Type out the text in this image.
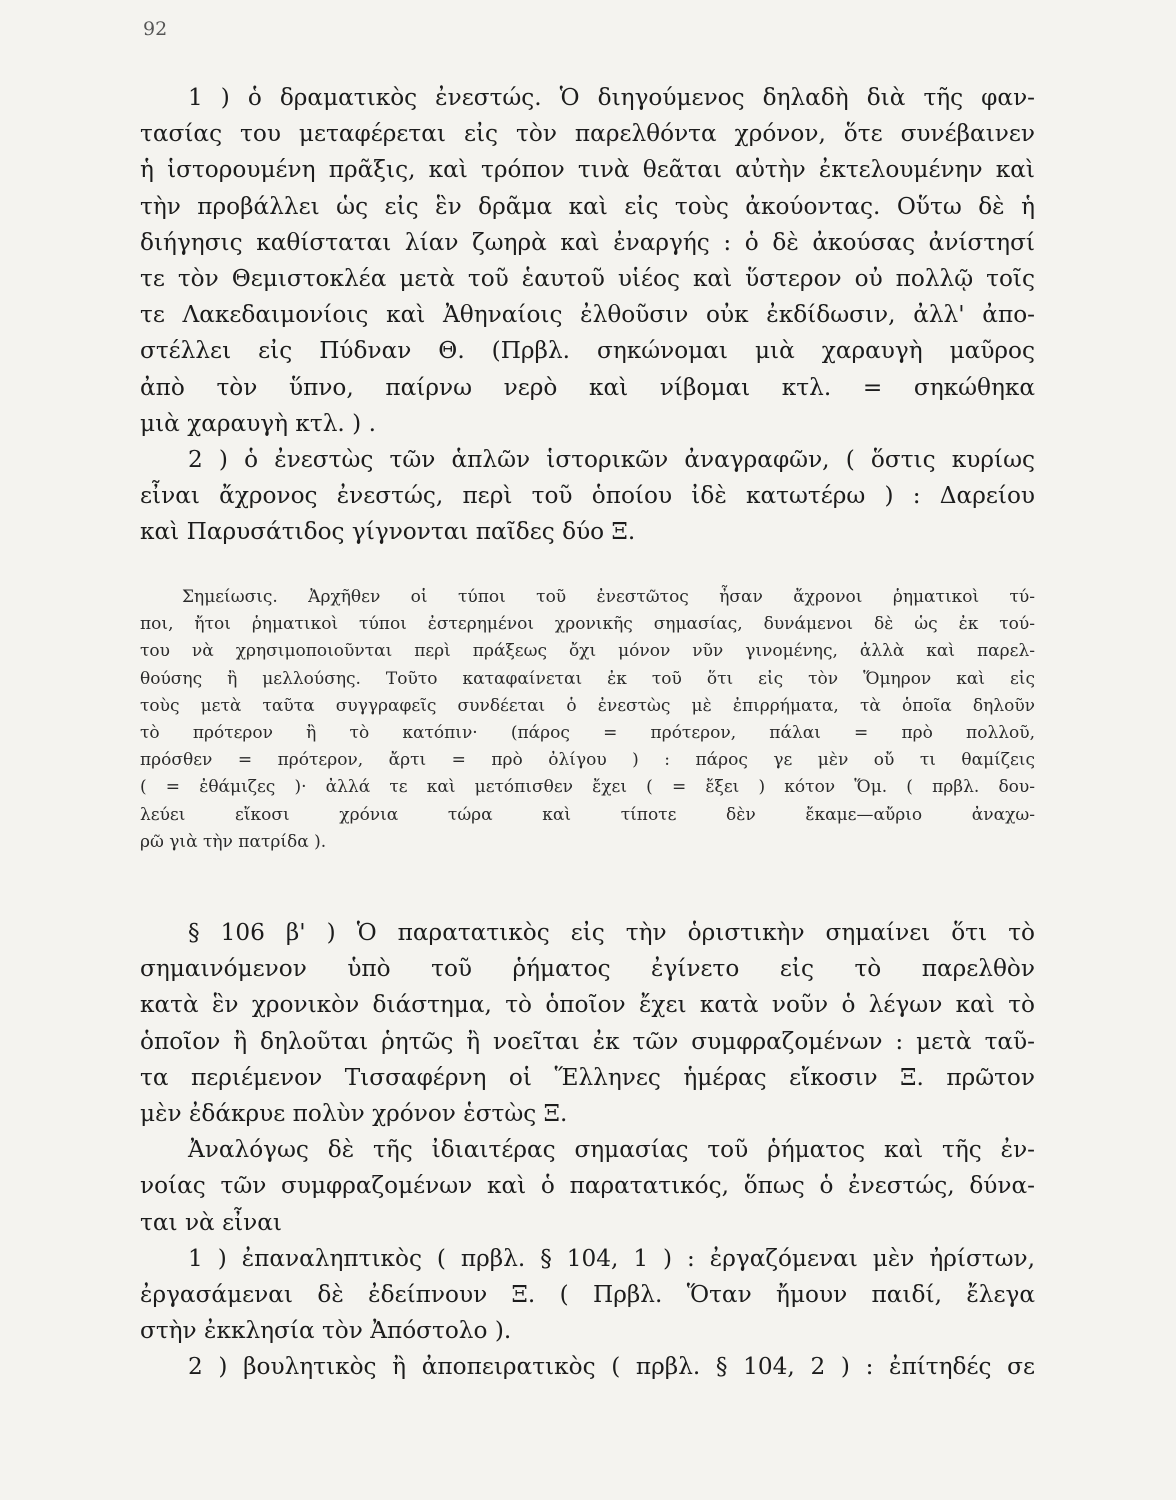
92
1 ) ὁ δραματικὸς ἐνεστώς. Ὁ διηγούμενος δηλαδὴ διὰ τῆς φαν-
τασίας του μεταφέρεται εἰς τὸν παρελθόντα χρόνον, ὅτε συνέβαινεν
ἡ ἱστορουμένη πρᾶξις, καὶ τρόπον τινὰ θεᾶται αὐτὴν ἐκτελουμένην καὶ
τὴν προβάλλει ὡς εἰς ἓν δρᾶμα καὶ εἰς τοὺς ἀκούοντας. Οὕτω δὲ ἡ
διήγησις καθίσταται λίαν ζωηρὰ καὶ ἐναργής : ὁ δὲ ἀκούσας ἀνίστησί
τε τὸν Θεμιστοκλέα μετὰ τοῦ ἑαυτοῦ υἱέος καὶ ὕστερον οὐ πολλῷ τοῖς
τε Λακεδαιμονίοις καὶ Ἀθηναίοις ἐλθοῦσιν οὐκ ἐκδίδωσιν, ἀλλ' ἀπο-
στέλλει εἰς Πύδναν Θ. (Πρβλ. σηκώνομαι μιὰ χαραυγὴ μαῦρος
ἀπὸ τὸν ὕπνο, παίρνω νερὸ καὶ νίβομαι κτλ. = σηκώθηκα
μιὰ χαραυγὴ κτλ. ) .
2 ) ὁ ἐνεστὼς τῶν ἁπλῶν ἱστορικῶν ἀναγραφῶν, ( ὅστις κυρίως
εἶναι ἄχρονος ἐνεστώς, περὶ τοῦ ὁποίου ἰδὲ κατωτέρω ) : Δαρείου
καὶ Παρυσάτιδος γίγνονται παῖδες δύο Ξ.
Σημείωσις. Ἀρχῆθεν οἱ τύποι τοῦ ἐνεστῶτος ἦσαν ἄχρονοι ῥηματικοὶ τύ-
ποι, ἤτοι ῥηματικοὶ τύποι ἐστερημένοι χρονικῆς σημασίας, δυνάμενοι δὲ ὡς ἐκ τού-
του νὰ χρησιμοποιοῦνται περὶ πράξεως ὄχι μόνον νῦν γινομένης, ἀλλὰ καὶ παρελ-
θούσης ἢ μελλούσης. Τοῦτο καταφαίνεται ἐκ τοῦ ὅτι εἰς τὸν Ὅμηρον καὶ εἰς
τοὺς μετὰ ταῦτα συγγραφεῖς συνδέεται ὁ ἐνεστὼς μὲ ἐπιρρήματα, τὰ ὁποῖα δηλοῦν
τὸ πρότερον ἢ τὸ κατόπιν· (πάρος = πρότερον, πάλαι = πρὸ πολλοῦ,
πρόσθεν = πρότερον, ἄρτι = πρὸ ὀλίγου ) : πάρος γε μὲν οὔ τι θαμίζεις
( = ἐθάμιζες )· ἀλλά τε καὶ μετόπισθεν ἔχει ( = ἔξει ) κότον Ὅμ. ( πρβλ. δου-
λεύει εἴκοσι χρόνια τώρα καὶ τίποτε δὲν ἔκαμε—αὔριο ἀναχω-
ρῶ γιὰ τὴν πατρίδα ).
§ 106 β' ) Ὁ παρατατικὸς εἰς τὴν ὁριστικὴν σημαίνει ὅτι τὸ
σημαινόμενον ὑπὸ τοῦ ῥήματος ἐγίνετο εἰς τὸ παρελθὸν
κατὰ ἓν χρονικὸν διάστημα, τὸ ὁποῖον ἔχει κατὰ νοῦν ὁ λέγων καὶ τὸ
ὁποῖον ἢ δηλοῦται ῥητῶς ἢ νοεῖται ἐκ τῶν συμφραζομένων : μετὰ ταῦ-
τα περιέμενον Τισσαφέρνη οἱ Ἕλληνες ἡμέρας εἴκοσιν Ξ. πρῶτον
μὲν ἐδάκρυε πολὺν χρόνον ἑστὼς Ξ.
Ἀναλόγως δὲ τῆς ἰδιαιτέρας σημασίας τοῦ ῥήματος καὶ τῆς ἐν-
νοίας τῶν συμφραζομένων καὶ ὁ παρατατικός, ὅπως ὁ ἐνεστώς, δύνα-
ται νὰ εἶναι
1 ) ἐπαναληπτικὸς ( πρβλ. § 104, 1 ) : ἐργαζόμεναι μὲν ἠρίστων,
ἐργασάμεναι δὲ ἐδείπνουν Ξ. ( Πρβλ. Ὅταν ἤμουν παιδί, ἔλεγα
στὴν ἐκκλησία τὸν Ἀπόστολο ).
2 ) βουλητικὸς ἢ ἀποπειρατικὸς ( πρβλ. § 104, 2 ) : ἐπίτηδές σε
